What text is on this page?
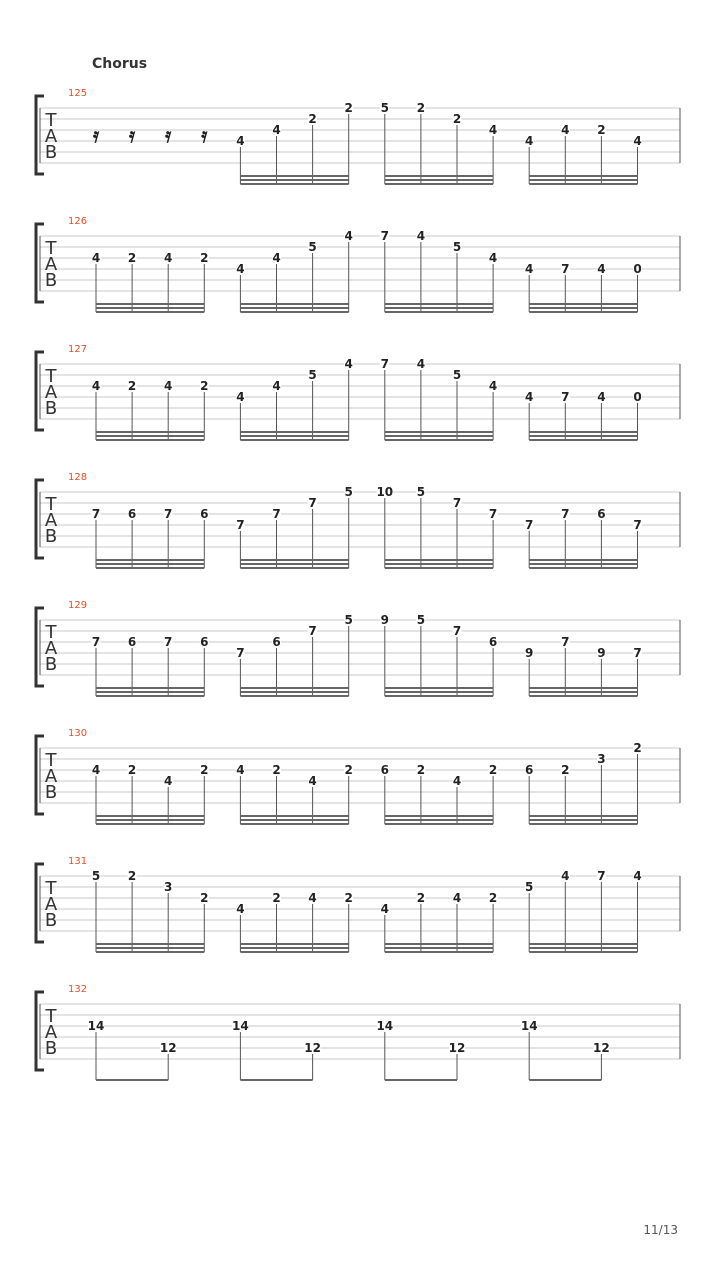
Chorus
T
A
B
125
𝄿 𝄿 𝄿 𝄿 4
4
2
2 5 2
2
4
4
4 2
4
T
A
B
126
4 2 4 2
4
4
5
4 7 4
5
4
4 7 4 0
T
A
B
127
4 2 4 2
4
4
5
4 7 4
5
4
4 7 4 0
T
A
B
128
7 6 7 6
7
7
7
5 10 5
7
7
7
7 6
7
T
A
B
129
7 6 7 6
7
6
7
5 9 5
7
6
9
7
9 7
T
A
B
130
4 2
4
2 4 2
4
2 6 2
4
2 6 2
3
2
T
A
B
131
5 2
3
2
4
2 4 2
4
2 4 2
5
4 7 4
T
A
B
132
14
12
14
12
14
12
14
12
11/13
